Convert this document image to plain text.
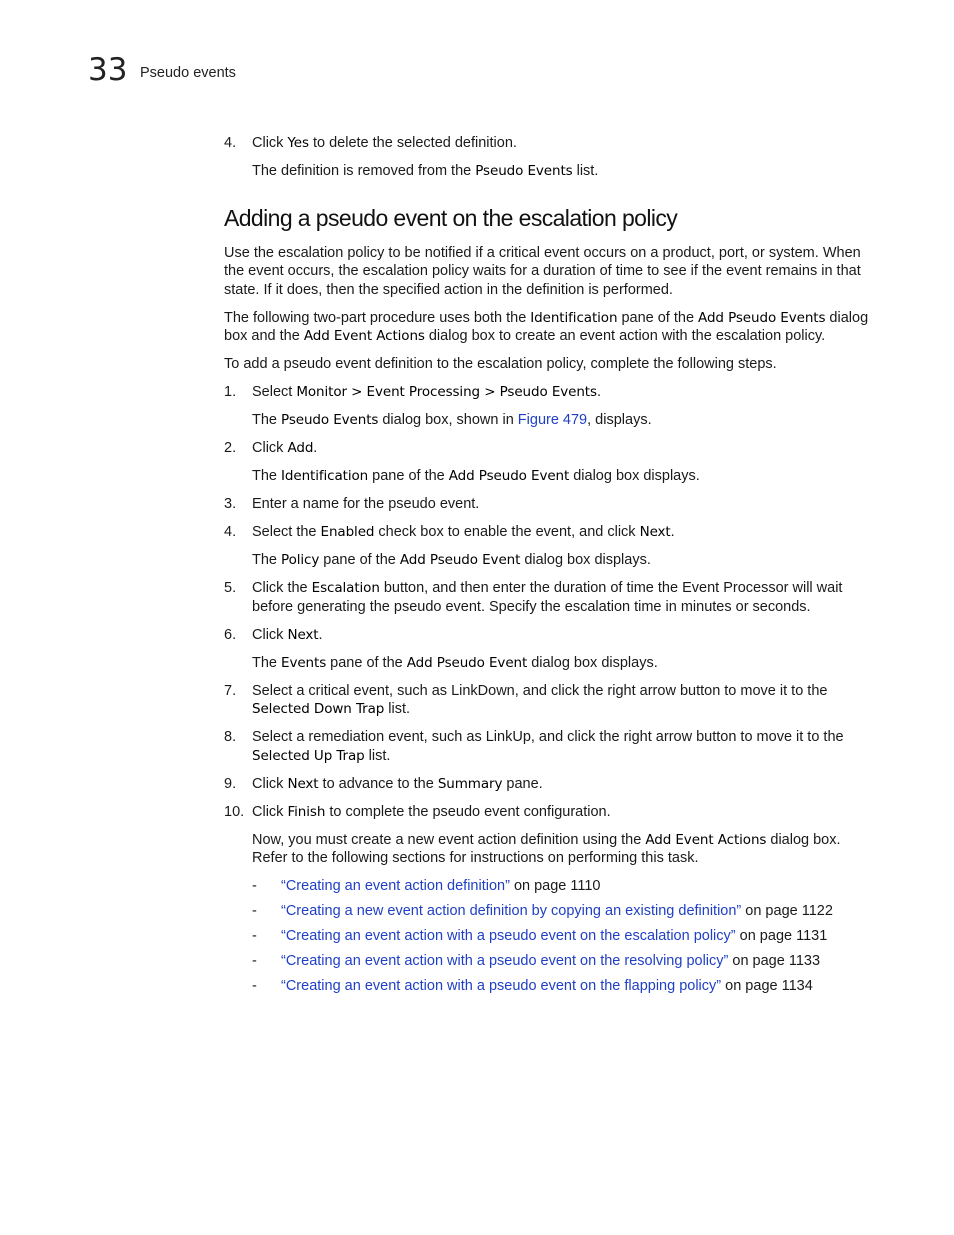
33 Pseudo events
4. Click Yes to delete the selected definition.

The definition is removed from the Pseudo Events list.

Adding a pseudo event on the escalation policy

Use the escalation policy to be notified if a critical event occurs on a product, port, or system. When the event occurs, the escalation policy waits for a duration of time to see if the event remains in that state. If it does, then the specified action in the definition is performed.

The following two-part procedure uses both the Identification pane of the Add Pseudo Events dialog box and the Add Event Actions dialog box to create an event action with the escalation policy.

To add a pseudo event definition to the escalation policy, complete the following steps.

1. Select Monitor > Event Processing > Pseudo Events.

The Pseudo Events dialog box, shown in Figure 479, displays.

2. Click Add.

The Identification pane of the Add Pseudo Event dialog box displays.

3. Enter a name for the pseudo event.

4. Select the Enabled check box to enable the event, and click Next.

The Policy pane of the Add Pseudo Event dialog box displays.

5. Click the Escalation button, and then enter the duration of time the Event Processor will wait before generating the pseudo event. Specify the escalation time in minutes or seconds.

6. Click Next.

The Events pane of the Add Pseudo Event dialog box displays.

7. Select a critical event, such as LinkDown, and click the right arrow button to move it to the Selected Down Trap list.

8. Select a remediation event, such as LinkUp, and click the right arrow button to move it to the Selected Up Trap list.

9. Click Next to advance to the Summary pane.

10. Click Finish to complete the pseudo event configuration.

Now, you must create a new event action definition using the Add Event Actions dialog box. Refer to the following sections for instructions on performing this task.

- “Creating an event action definition” on page 1110
- “Creating a new event action definition by copying an existing definition” on page 1122
- “Creating an event action with a pseudo event on the escalation policy” on page 1131
- “Creating an event action with a pseudo event on the resolving policy” on page 1133
- “Creating an event action with a pseudo event on the flapping policy” on page 1134
